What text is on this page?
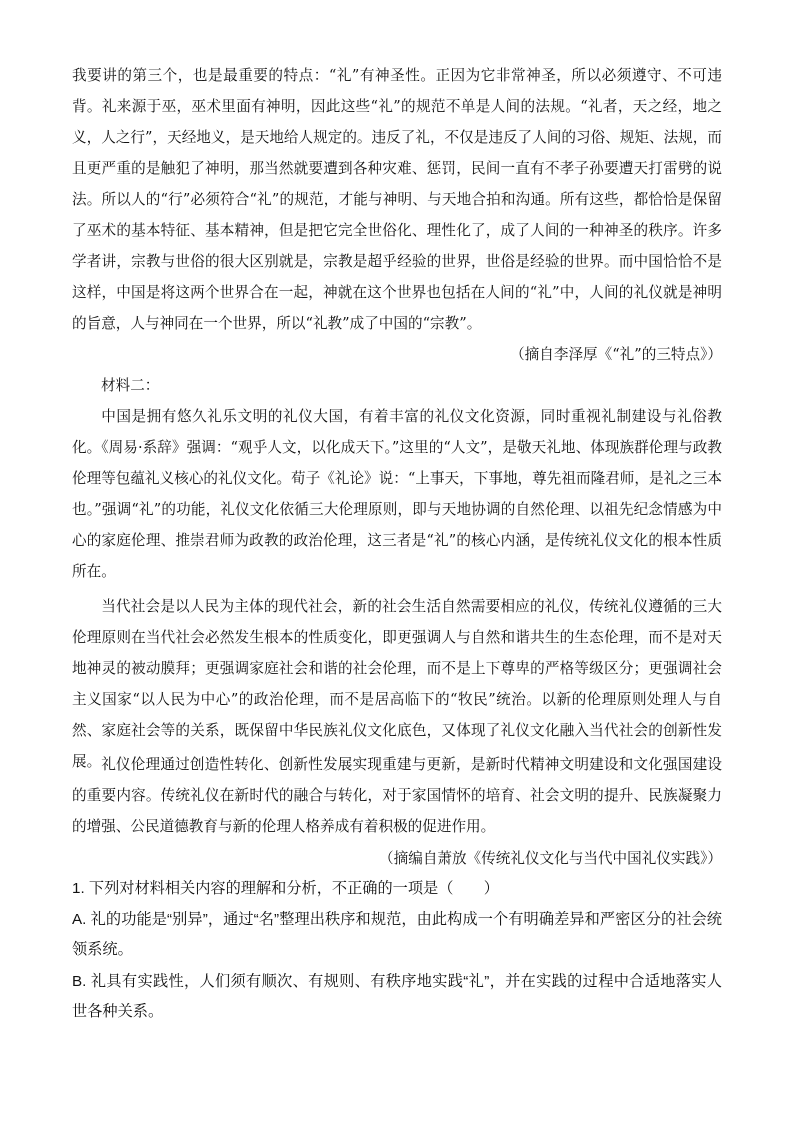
我要讲的第三个，也是最重要的特点：“礼”有神圣性。正因为它非常神圣，所以必须遵守、不可违背。礼来源于巫，巫术里面有神明，因此这些“礼”的规范不单是人间的法规。“礼者，天之经，地之义，人之行”，天经地义，是天地给人规定的。违反了礼，不仅是违反了人间的习俗、规矩、法规，而且更严重的是触犯了神明，那当然就要遭到各种灾难、惩罚，民间一直有不孝子孙要遭天打雷劈的说法。所以人的“行”必须符合“礼”的规范，才能与神明、与天地合拍和沟通。所有这些，都恰恰是保留了巫术的基本特征、基本精神，但是把它完全世俗化、理性化了，成了人间的一种神圣的秩序。许多学者讲，宗教与世俗的很大区别就是，宗教是超乎经验的世界，世俗是经验的世界。而中国恰恰不是这样，中国是将这两个世界合在一起，神就在这个世界也包括在人间的“礼”中，人间的礼仪就是神明的旨意，人与神同在一个世界，所以“礼教”成了中国的“宗教”。

（摘自李泽厚《“礼”的三特点》）

材料二：

中国是拥有悠久礼乐文明的礼仪大国，有着丰富的礼仪文化资源，同时重视礼制建设与礼俗教化。《周易·系辞》强调：“观乎人文，以化成天下。”这里的“人文”，是敬天礼地、体现族群伦理与政教伦理等包蕴礼义核心的礼仪文化。荀子《礼论》说：“上事天，下事地，尊先祖而隆君师，是礼之三本也。”强调“礼”的功能，礼仪文化依循三大伦理原则，即与天地协调的自然伦理、以祖先纪念情感为中心的家庭伦理、推崇君师为政教的政治伦理，这三者是“礼”的核心内涵，是传统礼仪文化的根本性质所在。

当代社会是以人民为主体的现代社会，新的社会生活自然需要相应的礼仪，传统礼仪遵循的三大伦理原则在当代社会必然发生根本的性质变化，即更强调人与自然和谐共生的生态伦理，而不是对天地神灵的被动膜拜；更强调家庭社会和谐的社会伦理，而不是上下尊卑的严格等级区分；更强调社会主义国家“以人民为中心”的政治伦理，而不是居高临下的“牧民”统治。以新的伦理原则处理人与自然、家庭社会等的关系，既保留中华民族礼仪文化底色，又体现了礼仪文化融入当代社会的创新性发展。 礼仪伦理通过创造性转化、创新性发展实现重建与更新，是新时代精神文明建设和文化强国建设的重要内容。传统礼仪在新时代的融合与转化，对于家国情怀的培育、社会文明的提升、民族凝聚力的增强、公民道德教育与新的伦理人格养成有着积极的促进作用。

（摘编自萧放《传统礼仪文化与当代中国礼仪实践》）

1. 下列对材料相关内容的理解和分析，不正确的一项是（　　）

A. 礼的功能是“别异”，通过“名”整理出秩序和规范，由此构成一个有明确差异和严密区分的社会统领系统。

B. 礼具有实践性，人们须有顺次、有规则、有秩序地实践“礼”，并在实践的过程中合适地落实人世各种关系。
